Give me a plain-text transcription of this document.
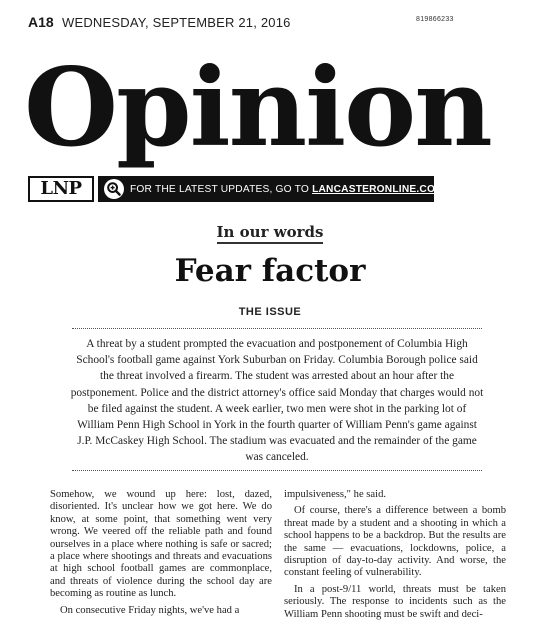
A18 WEDNESDAY, SEPTEMBER 21, 2016	819866233
Opinion
LNP	FOR THE LATEST UPDATES, GO TO LANCASTERONLINE.COM
In our words
Fear factor
THE ISSUE

A threat by a student prompted the evacuation and postponement of Columbia High School's football game against York Suburban on Friday. Columbia Borough police said the threat involved a firearm. The student was arrested about an hour after the postponement. Police and the district attorney's office said Monday that charges would not be filed against the student. A week earlier, two men were shot in the parking lot of William Penn High School in York in the fourth quarter of William Penn's game against J.P. McCaskey High School. The stadium was evacuated and the remainder of the game was canceled.

Somehow, we wound up here: lost, dazed, disoriented. It's unclear how we got here. We do know, at some point, that something went very wrong. We veered off the reliable path and found ourselves in a place where nothing is safe or sacred; a place where shootings and threats and evacuations at high school football games are commonplace, and threats of violence during the school day are becoming as routine as lunch.

On consecutive Friday nights, we've had a

impulsiveness," he said.

Of course, there's a difference between a bomb threat made by a student and a shooting in which a school happens to be a backdrop. But the results are the same — evacuations, lockdowns, police, a disruption of day-to-day activity. And worse, the constant feeling of vulnerability.

In a post-9/11 world, threats must be taken seriously. The response to incidents such as the William Penn shooting must be swift and deci-
